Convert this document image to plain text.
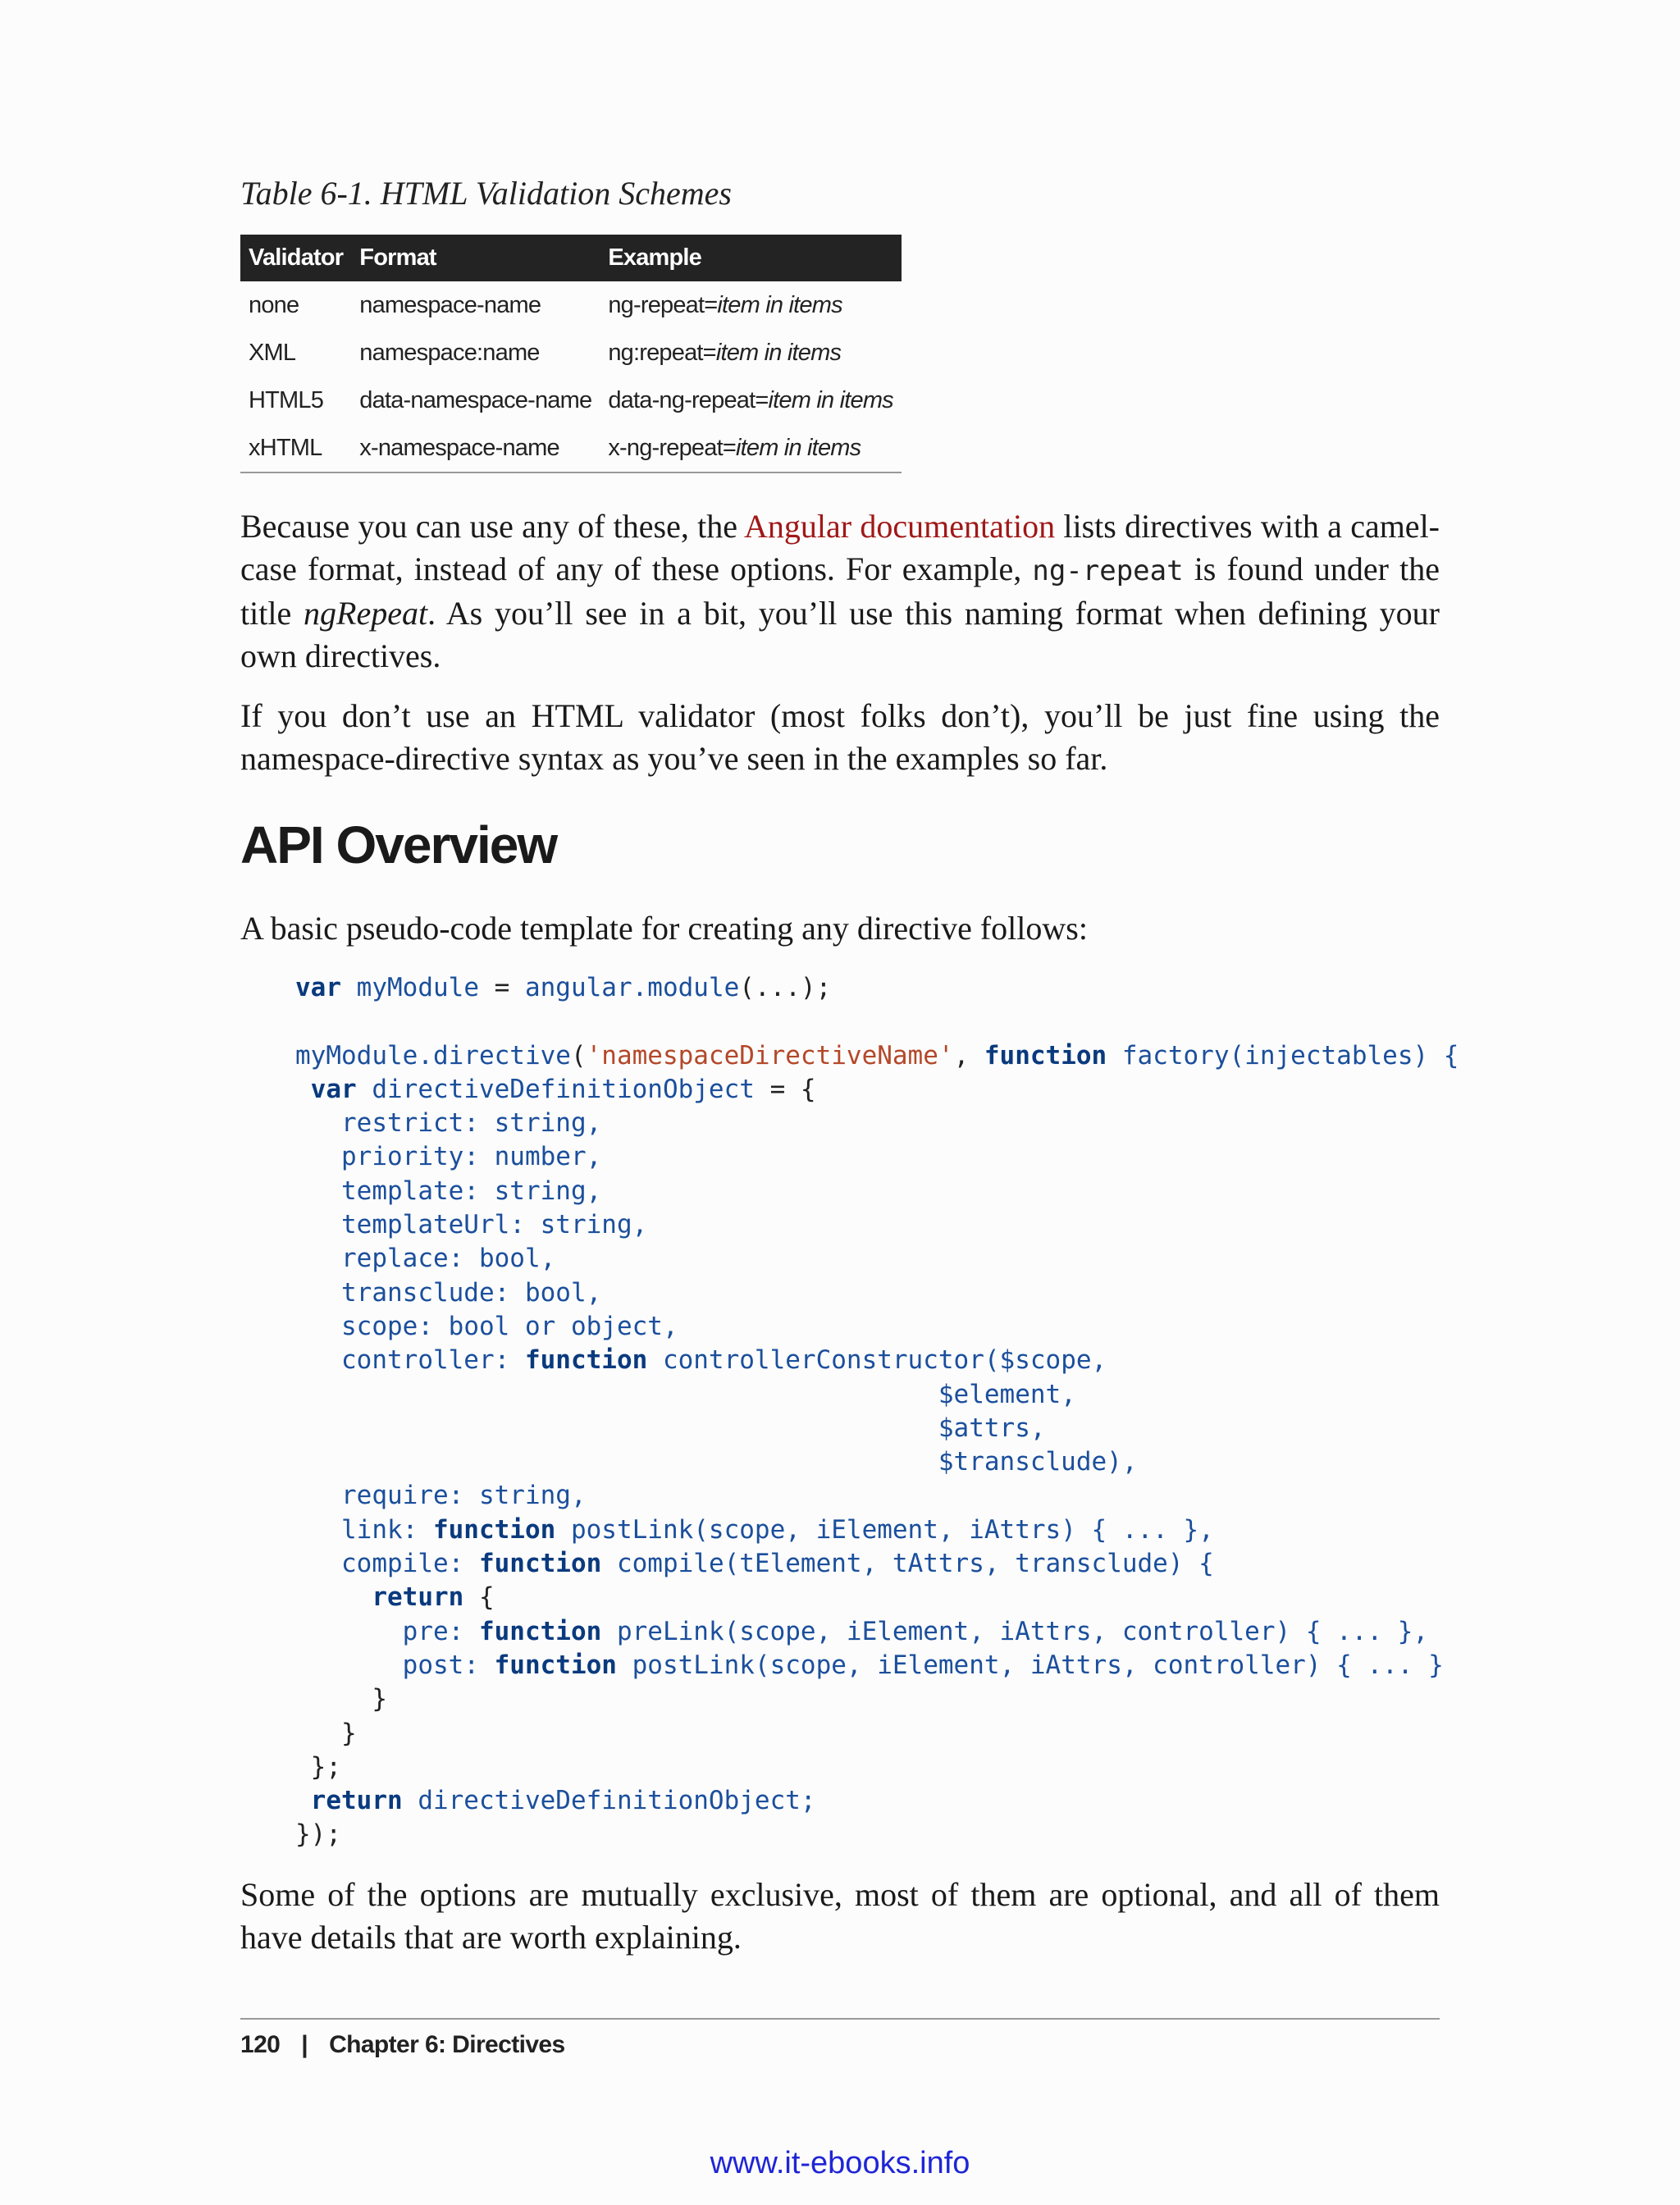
Table 6-1. HTML Validation Schemes
Validator	Format	Example
none	namespace-name	ng-repeat=item in items
XML	namespace:name	ng:repeat=item in items
HTML5	data-namespace-name	data-ng-repeat=item in items
xHTML	x-namespace-name	x-ng-repeat=item in items

Because you can use any of these, the Angular documentation lists directives with a camel-case format, instead of any of these options. For example, ng-repeat is found under the title ngRepeat. As you’ll see in a bit, you’ll use this naming format when defining your own directives.

If you don’t use an HTML validator (most folks don’t), you’ll be just fine using the namespace-directive syntax as you’ve seen in the examples so far.

API Overview

A basic pseudo-code template for creating any directive follows:

var myModule = angular.module(...);

myModule.directive('namespaceDirectiveName', function factory(injectables) {
var directiveDefinitionObject = {
restrict: string,
priority: number,
template: string,
templateUrl: string,
replace: bool,
transclude: bool,
scope: bool or object,
controller: function controllerConstructor($scope,
$element,
$attrs,
$transclude),
require: string,
link: function postLink(scope, iElement, iAttrs) { ... },
compile: function compile(tElement, tAttrs, transclude) {
return {
pre: function preLink(scope, iElement, iAttrs, controller) { ... },
post: function postLink(scope, iElement, iAttrs, controller) { ... }
}
}
};
return directiveDefinitionObject;
});

Some of the options are mutually exclusive, most of them are optional, and all of them have details that are worth explaining.

120 | Chapter 6: Directives
www.it-ebooks.info
